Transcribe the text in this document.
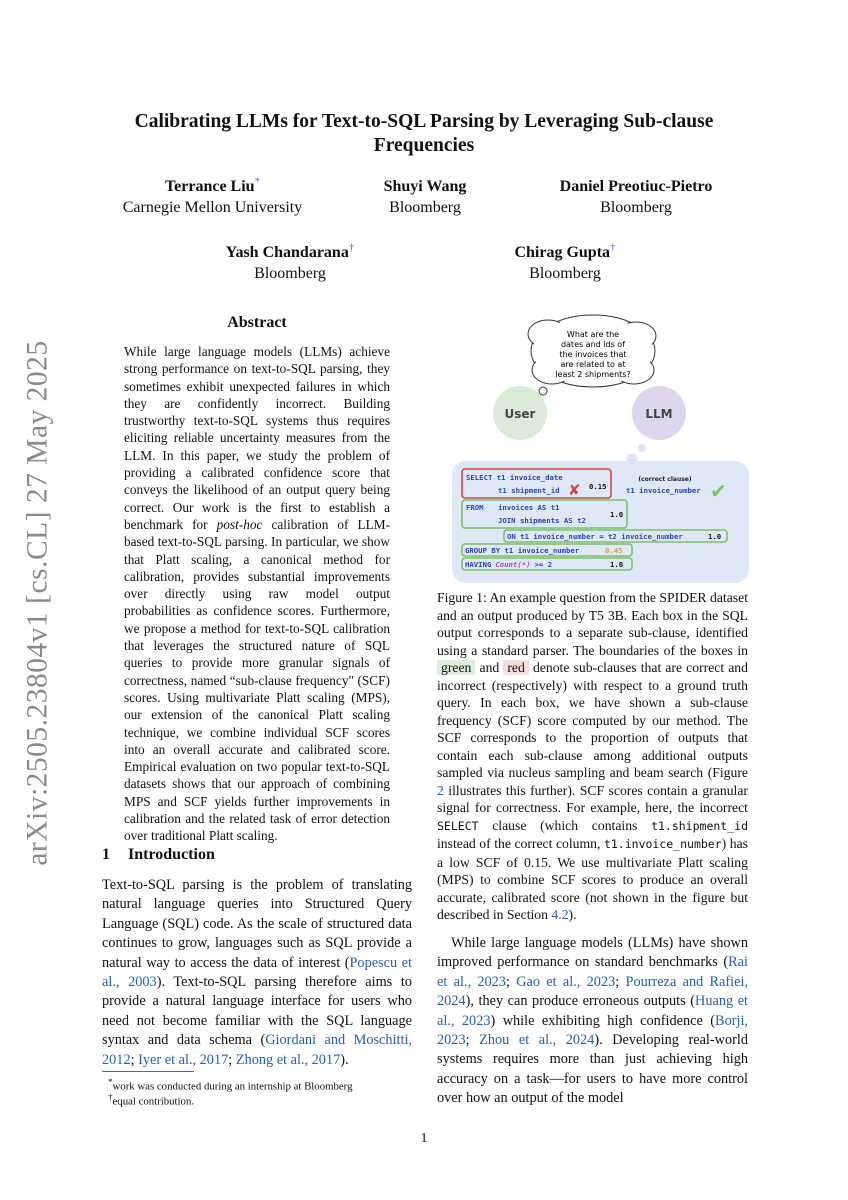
arXiv:2505.23804v1 [cs.CL] 27 May 2025
Calibrating LLMs for Text-to-SQL Parsing by Leveraging Sub-clause
Frequencies
Terrance Liu*
Carnegie Mellon University
Shuyi Wang
Bloomberg
Daniel Preotiuc-Pietro
Bloomberg
Yash Chandarana†
Bloomberg
Chirag Gupta†
Bloomberg
Abstract
While large language models (LLMs) achieve strong performance on text-to-SQL parsing, they sometimes exhibit unexpected failures in which they are confidently incorrect. Building trustworthy text-to-SQL systems thus requires eliciting reliable uncertainty measures from the LLM. In this paper, we study the problem of providing a calibrated confidence score that conveys the likelihood of an output query being correct. Our work is the first to establish a benchmark for post-hoc calibration of LLM-based text-to-SQL parsing. In particular, we show that Platt scaling, a canonical method for calibration, provides substantial improvements over directly using raw model output probabilities as confidence scores. Furthermore, we propose a method for text-to-SQL calibration that leverages the structured nature of SQL queries to provide more granular signals of correctness, named “sub-clause frequency" (SCF) scores. Using multivariate Platt scaling (MPS), our extension of the canonical Platt scaling technique, we combine individual SCF scores into an overall accurate and calibrated score. Empirical evaluation on two popular text-to-SQL datasets shows that our approach of combining MPS and SCF yields further improvements in calibration and the related task of error detection over traditional Platt scaling.
1 Introduction
Text-to-SQL parsing is the problem of translating natural language queries into Structured Query Language (SQL) code. As the scale of structured data continues to grow, languages such as SQL provide a natural way to access the data of interest (Popescu et al., 2003). Text-to-SQL parsing therefore aims to provide a natural language interface for users who need not become familiar with the SQL language syntax and data schema (Giordani and Moschitti, 2012; Iyer et al., 2017; Zhong et al., 2017).
*work was conducted during an internship at Bloomberg
†equal contribution.
What are the
dates and ids of
the invoices that
are related to at
least 2 shipments?
User	LLM
SELECT t1 invoice_date
t1 shipment_id ✘ 0.15
(correct clause)
t1 invoice_number ✔
FROM invoices AS t1
JOIN shipments AS t2
1.0
ON t1 invoice_number = t2 invoice_number	1.0
GROUP BY t1 invoice_number	0.45
HAVING Count(*) >= 2	1.0
Figure 1: An example question from the SPIDER dataset and an output produced by T5 3B. Each box in the SQL output corresponds to a separate sub-clause, identified using a standard parser. The boundaries of the boxes in green and red denote sub-clauses that are correct and incorrect (respectively) with respect to a ground truth query. In each box, we have shown a sub-clause frequency (SCF) score computed by our method. The SCF corresponds to the proportion of outputs that contain each sub-clause among additional outputs sampled via nucleus sampling and beam search (Figure 2 illustrates this further). SCF scores contain a granular signal for correctness. For example, here, the incorrect SELECT clause (which contains t1.shipment_id instead of the correct column, t1.invoice_number) has a low SCF of 0.15. We use multivariate Platt scaling (MPS) to combine SCF scores to produce an overall accurate, calibrated score (not shown in the figure but described in Section 4.2).
While large language models (LLMs) have shown improved performance on standard benchmarks (Rai et al., 2023; Gao et al., 2023; Pourreza and Rafiei, 2024), they can produce erroneous outputs (Huang et al., 2023) while exhibiting high confidence (Borji, 2023; Zhou et al., 2024). Developing real-world systems requires more than just achieving high accuracy on a task—for users to have more control over how an output of the model
1
